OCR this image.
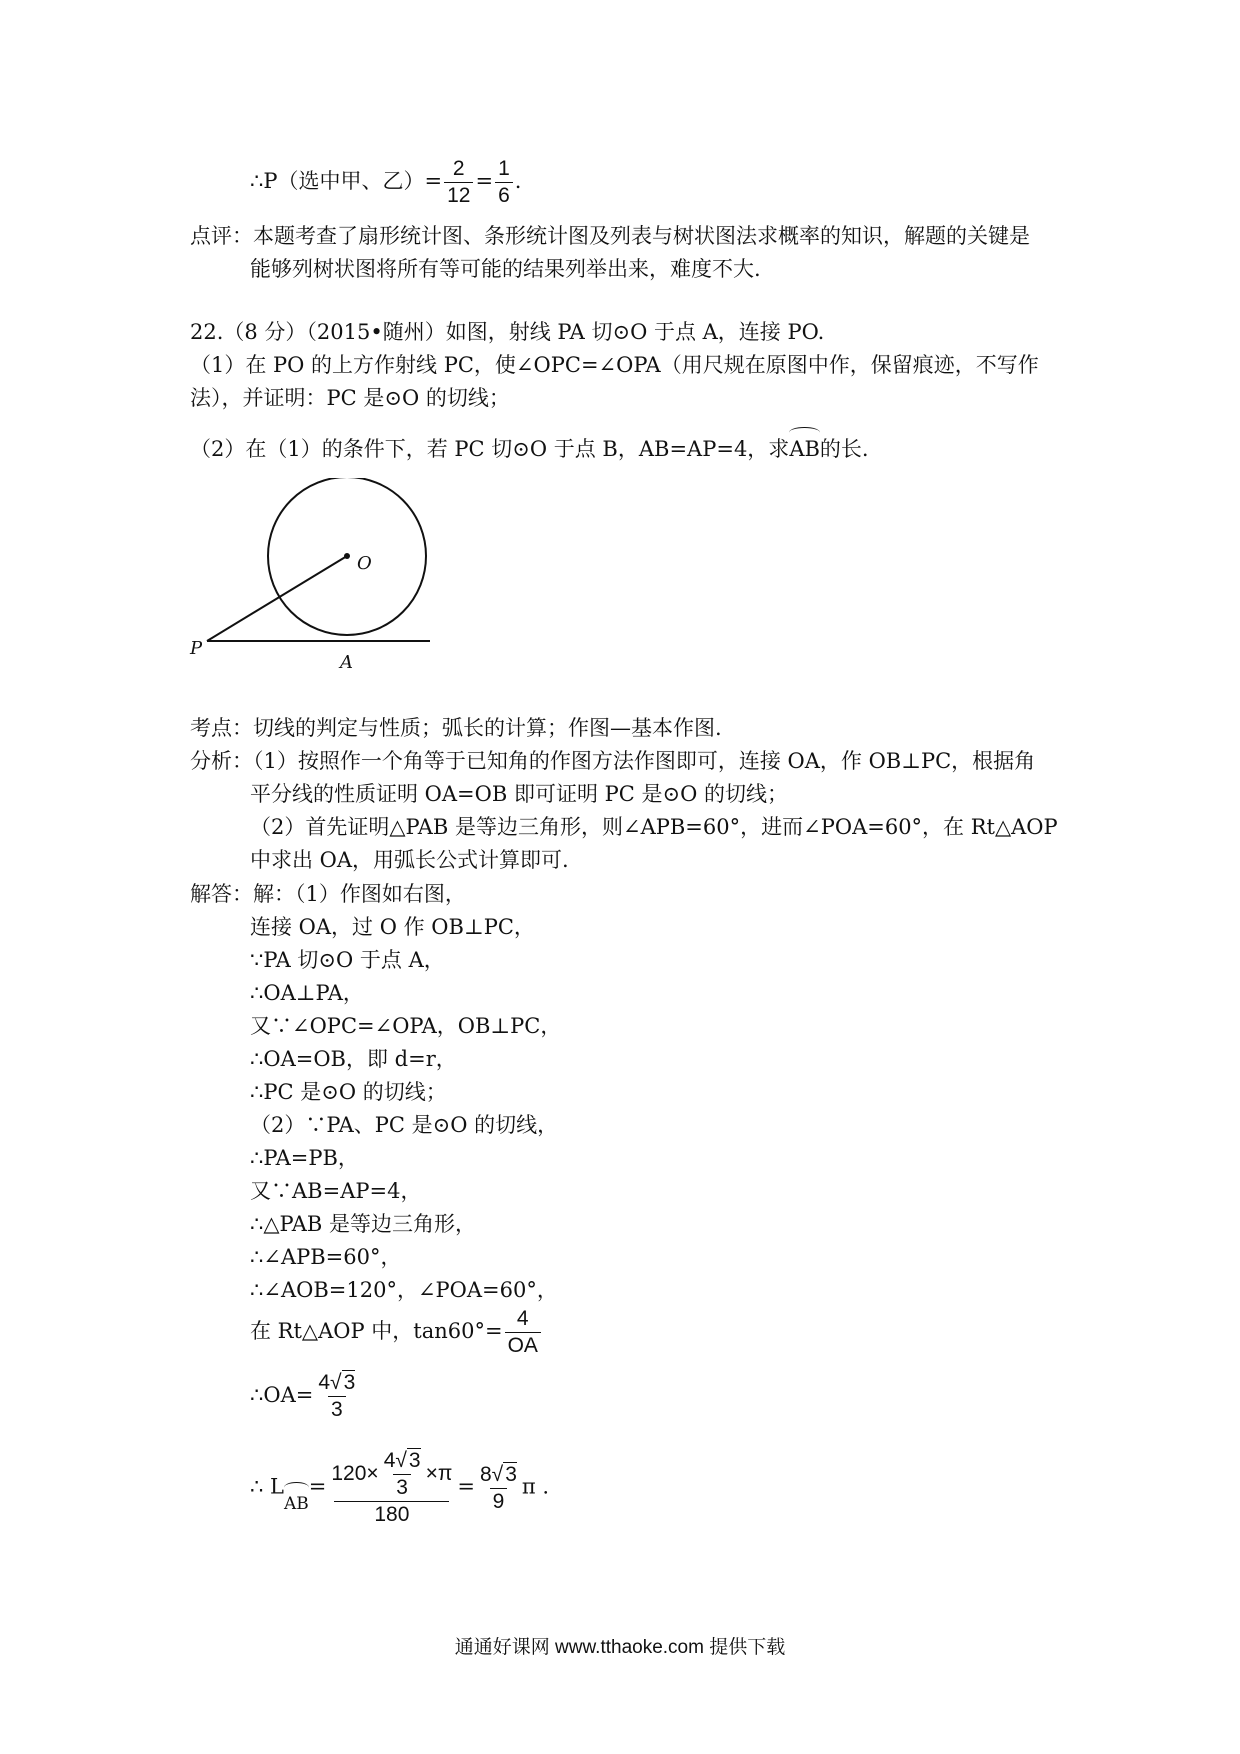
∴P（选中甲、乙）= $\frac{2}{12} = \frac{1}{6}$ .
点评：本题考查了扇形统计图、条形统计图及列表与树状图法求概率的知识，解题的关键是
能够列树状图将所有等可能的结果列举出来，难度不大.
22.（8 分）（2015•随州）如图，射线 PA 切⊙O 于点 A，连接 PO.
（1）在 PO 的上方作射线 PC，使∠OPC=∠OPA（用尺规在原图中作，保留痕迹，不写作
法），并证明：PC 是⊙O 的切线；
（2）在（1）的条件下，若 PC 切⊙O 于点 B，AB=AP=4，求AB的长.
O
P
A
考点：切线的判定与性质；弧长的计算；作图—基本作图.
分析：（1）按照作一个角等于已知角的作图方法作图即可，连接 OA，作 OB⊥PC，根据角
平分线的性质证明 OA=OB 即可证明 PC 是⊙O 的切线；
（2）首先证明△PAB 是等边三角形，则∠APB=60°，进而∠POA=60°，在 Rt△AOP
中求出 OA，用弧长公式计算即可.
解答：解：（1）作图如右图，
连接 OA，过 O 作 OB⊥PC，
∵PA 切⊙O 于点 A，
∴OA⊥PA，
又∵∠OPC=∠OPA，OB⊥PC，
∴OA=OB，即 d=r，
∴PC 是⊙O 的切线；
（2）∵PA、PC 是⊙O 的切线，
∴PA=PB，
又∵AB=AP=4，
∴△PAB 是等边三角形，
∴∠APB=60°，
∴∠AOB=120°，∠POA=60°，
在 Rt△AOP 中，$\tan 60^\circ= \frac{4}{OA}$
∴OA= $\frac{4√3}{3}$
∴ $L_{AB}= \frac{120\times \frac{4√3}{3} \times\pi}{180} = \frac{8√3}{9}$ π .
通通好课网 www.tthaoke.com 提供下载
